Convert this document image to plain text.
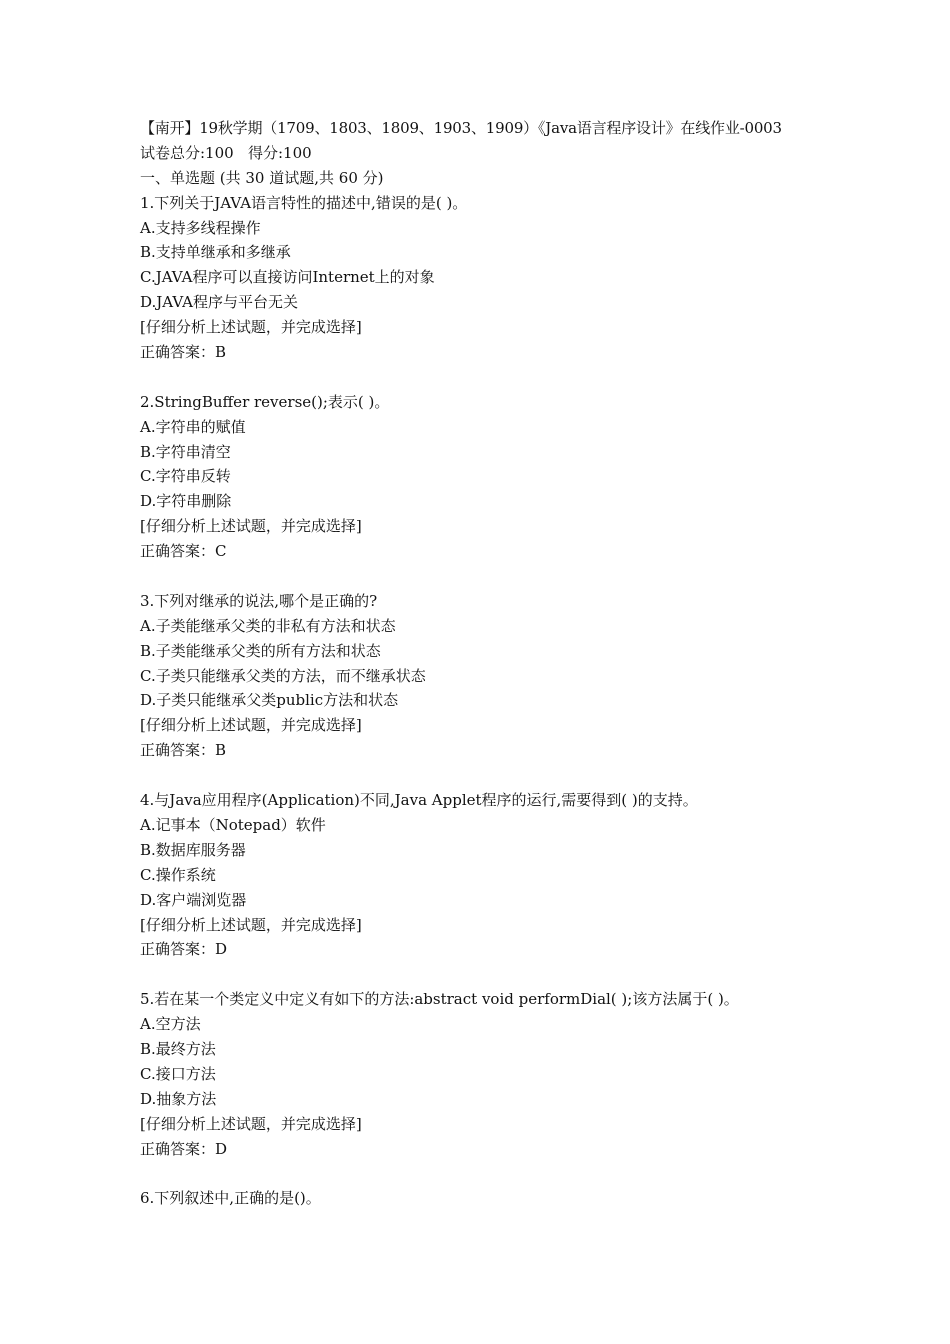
【南开】19秋学期（1709、1803、1809、1903、1909）《Java语言程序设计》在线作业-0003
试卷总分:100   得分:100
一、单选题 (共 30 道试题,共 60 分)
1.下列关于JAVA语言特性的描述中,错误的是( )。
A.支持多线程操作
B.支持单继承和多继承
C.JAVA程序可以直接访问Internet上的对象
D.JAVA程序与平台无关
[仔细分析上述试题，并完成选择]
正确答案：B
2.StringBuffer reverse();表示( )。
A.字符串的赋值
B.字符串清空
C.字符串反转
D.字符串删除
[仔细分析上述试题，并完成选择]
正确答案：C
3.下列对继承的说法,哪个是正确的?
A.子类能继承父类的非私有方法和状态
B.子类能继承父类的所有方法和状态
C.子类只能继承父类的方法，而不继承状态
D.子类只能继承父类public方法和状态
[仔细分析上述试题，并完成选择]
正确答案：B
4.与Java应用程序(Application)不同,Java Applet程序的运行,需要得到( )的支持。
A.记事本（Notepad）软件
B.数据库服务器
C.操作系统
D.客户端浏览器
[仔细分析上述试题，并完成选择]
正确答案：D
5.若在某一个类定义中定义有如下的方法:abstract void performDial( );该方法属于( )。
A.空方法
B.最终方法
C.接口方法
D.抽象方法
[仔细分析上述试题，并完成选择]
正确答案：D
6.下列叙述中,正确的是()。
